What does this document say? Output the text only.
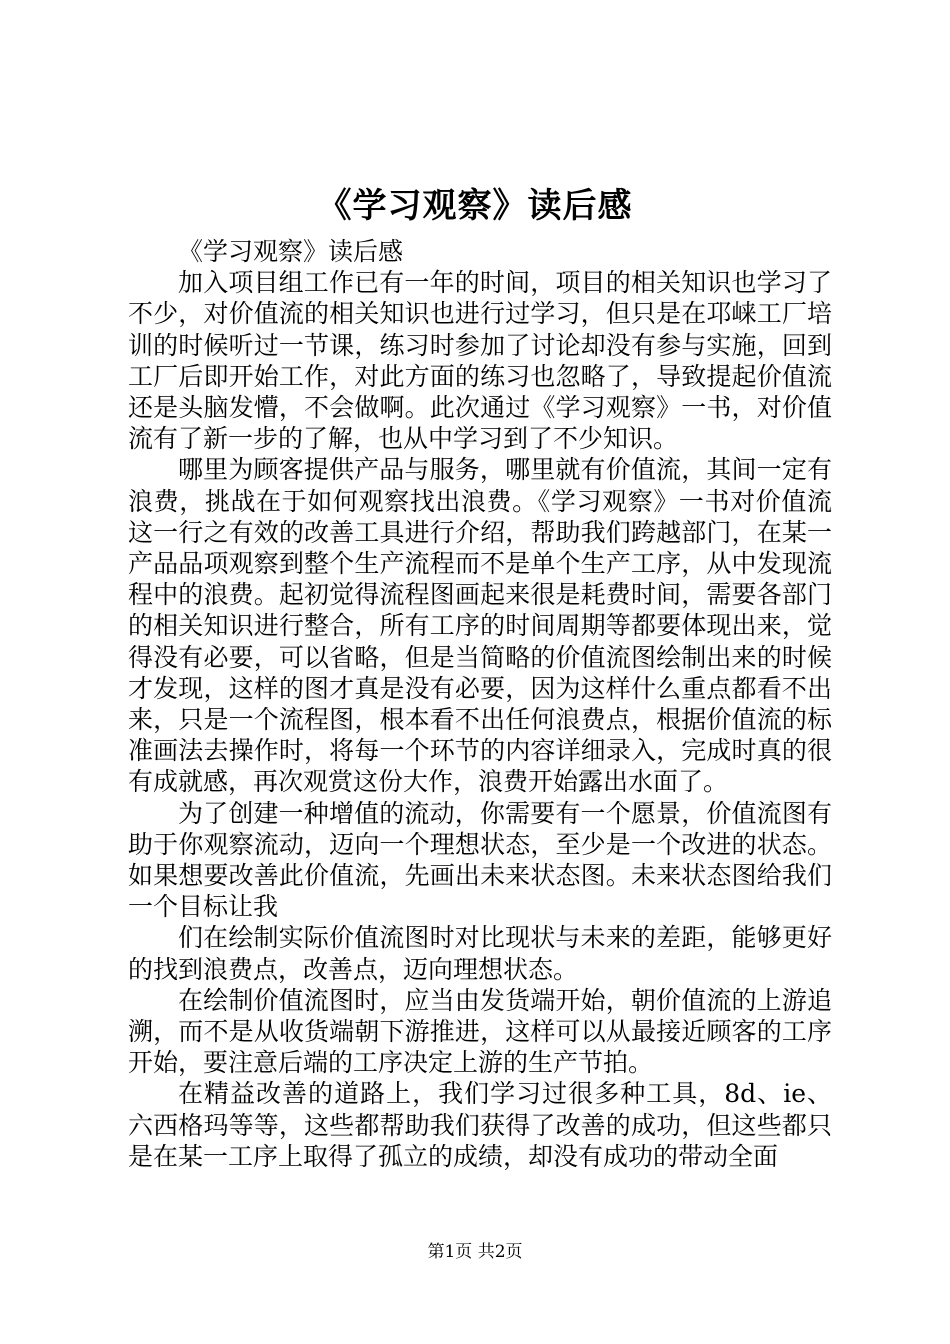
《学习观察》读后感

《学习观察》读后感

加入项目组工作已有一年的时间，项目的相关知识也学习了不少，对价值流的相关知识也进行过学习，但只是在邛崃工厂培训的时候听过一节课，练习时参加了讨论却没有参与实施，回到工厂后即开始工作，对此方面的练习也忽略了，导致提起价值流还是头脑发懵，不会做啊。此次通过《学习观察》一书，对价值流有了新一步的了解，也从中学习到了不少知识。

哪里为顾客提供产品与服务，哪里就有价值流，其间一定有浪费，挑战在于如何观察找出浪费。《学习观察》一书对价值流这一行之有效的改善工具进行介绍，帮助我们跨越部门，在某一产品品项观察到整个生产流程而不是单个生产工序，从中发现流程中的浪费。起初觉得流程图画起来很是耗费时间，需要各部门的相关知识进行整合，所有工序的时间周期等都要体现出来，觉得没有必要，可以省略，但是当简略的价值流图绘制出来的时候才发现，这样的图才真是没有必要，因为这样什么重点都看不出来，只是一个流程图，根本看不出任何浪费点，根据价值流的标准画法去操作时，将每一个环节的内容详细录入，完成时真的很有成就感，再次观赏这份大作，浪费开始露出水面了。

为了创建一种增值的流动，你需要有一个愿景，价值流图有助于你观察流动，迈向一个理想状态，至少是一个改进的状态。如果想要改善此价值流，先画出未来状态图。未来状态图给我们一个目标让我

们在绘制实际价值流图时对比现状与未来的差距，能够更好的找到浪费点，改善点，迈向理想状态。

在绘制价值流图时，应当由发货端开始，朝价值流的上游追溯，而不是从收货端朝下游推进，这样可以从最接近顾客的工序开始，要注意后端的工序决定上游的生产节拍。

在精益改善的道路上，我们学习过很多种工具，8d、ie、六西格玛等等，这些都帮助我们获得了改善的成功，但这些都只是在某一工序上取得了孤立的成绩，却没有成功的带动全面

第1页 共2页
